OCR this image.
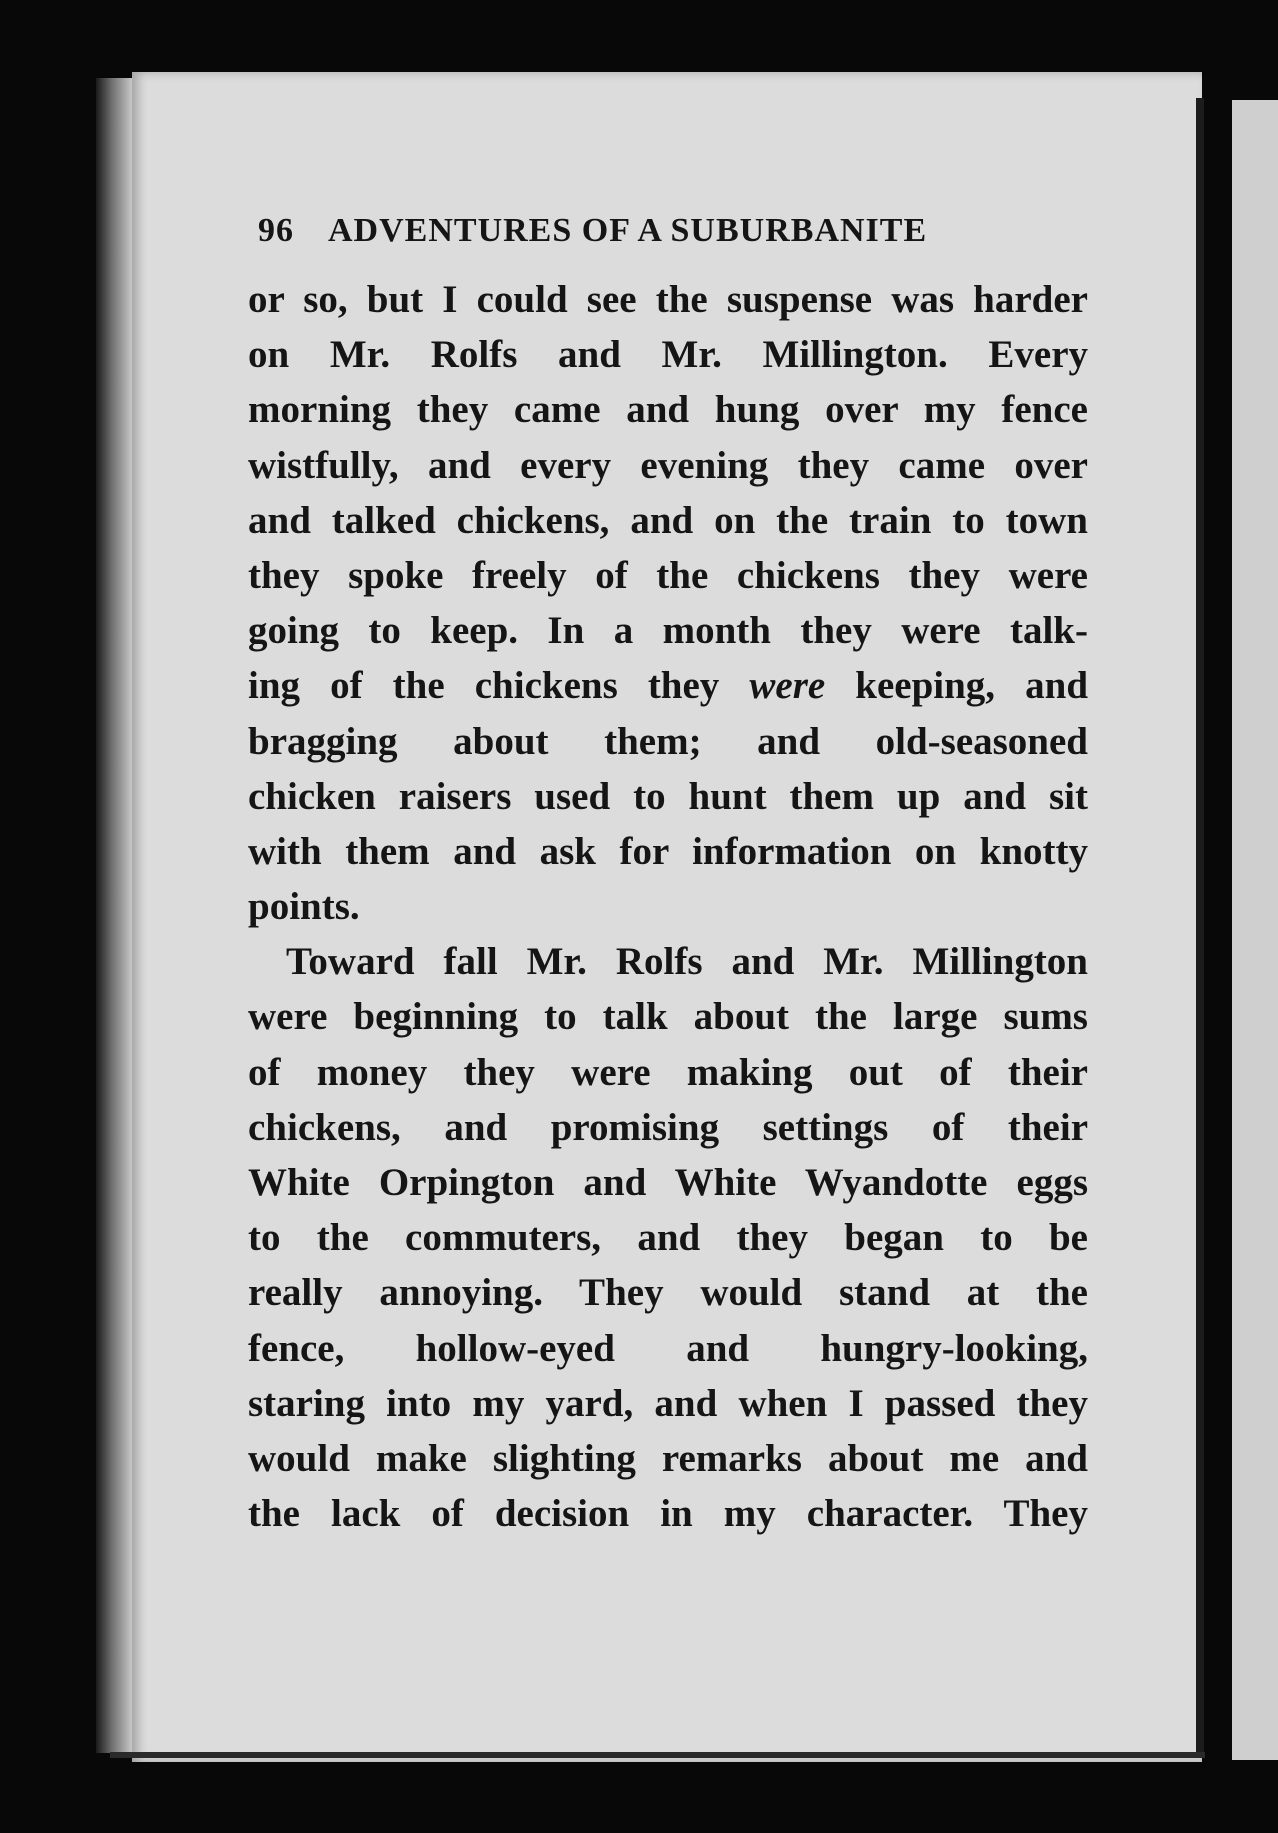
96 ADVENTURES OF A SUBURBANITE
or so, but I could see the suspense was harder
on Mr. Rolfs and Mr. Millington. Every
morning they came and hung over my fence
wistfully, and every evening they came over
and talked chickens, and on the train to town
they spoke freely of the chickens they were
going to keep. In a month they were talk-
ing of the chickens they were keeping, and
bragging about them; and old-seasoned
chicken raisers used to hunt them up and sit
with them and ask for information on knotty
points.
Toward fall Mr. Rolfs and Mr. Millington
were beginning to talk about the large sums
of money they were making out of their
chickens, and promising settings of their
White Orpington and White Wyandotte eggs
to the commuters, and they began to be
really annoying. They would stand at the
fence, hollow-eyed and hungry-looking,
staring into my yard, and when I passed they
would make slighting remarks about me and
the lack of decision in my character. They
